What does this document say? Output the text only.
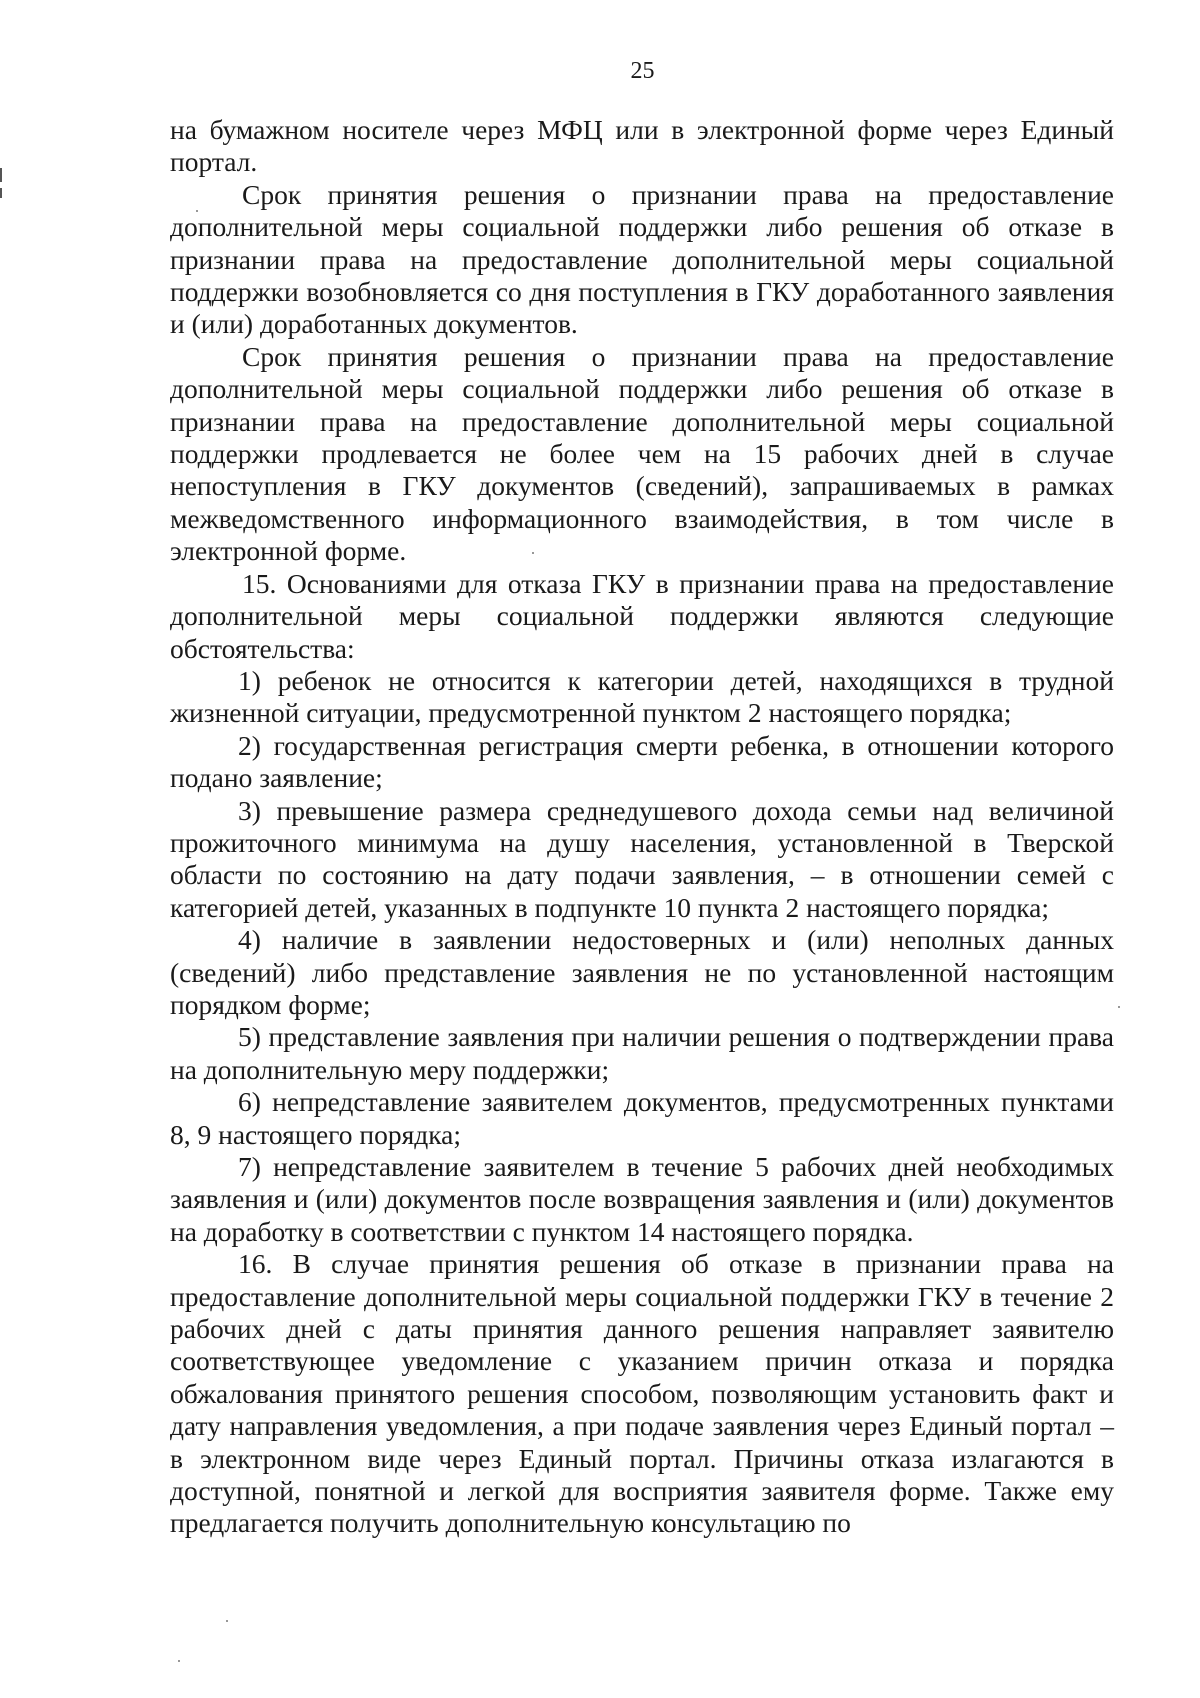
25

на бумажном носителе через МФЦ или в электронной форме через Единый портал.

Срок принятия решения о признании права на предоставление дополнительной меры социальной поддержки либо решения об отказе в признании права на предоставление дополнительной меры социальной поддержки возобновляется со дня поступления в ГКУ доработанного заявления и (или) доработанных документов.

Срок принятия решения о признании права на предоставление дополнительной меры социальной поддержки либо решения об отказе в признании права на предоставление дополнительной меры социальной поддержки продлевается не более чем на 15 рабочих дней в случае непоступления в ГКУ документов (сведений), запрашиваемых в рамках межведомственного информационного взаимодействия, в том числе в электронной форме.

15. Основаниями для отказа ГКУ в признании права на предоставление дополнительной меры социальной поддержки являются следующие обстоятельства:

1) ребенок не относится к категории детей, находящихся в трудной жизненной ситуации, предусмотренной пунктом 2 настоящего порядка;

2) государственная регистрация смерти ребенка, в отношении которого подано заявление;

3) превышение размера среднедушевого дохода семьи над величиной прожиточного минимума на душу населения, установленной в Тверской области по состоянию на дату подачи заявления, – в отношении семей с категорией детей, указанных в подпункте 10 пункта 2 настоящего порядка;

4) наличие в заявлении недостоверных и (или) неполных данных (сведений) либо представление заявления не по установленной настоящим порядком форме;

5) представление заявления при наличии решения о подтверждении права на дополнительную меру поддержки;

6) непредставление заявителем документов, предусмотренных пунктами 8, 9 настоящего порядка;

7) непредставление заявителем в течение 5 рабочих дней необходимых заявления и (или) документов после возвращения заявления и (или) документов на доработку в соответствии с пунктом 14 настоящего порядка.

16. В случае принятия решения об отказе в признании права на предоставление дополнительной меры социальной поддержки ГКУ в течение 2 рабочих дней с даты принятия данного решения направляет заявителю соответствующее уведомление с указанием причин отказа и порядка обжалования принятого решения способом, позволяющим установить факт и дату направления уведомления, а при подаче заявления через Единый портал – в электронном виде через Единый портал. Причины отказа излагаются в доступной, понятной и легкой для восприятия заявителя форме. Также ему предлагается получить дополнительную консультацию по
